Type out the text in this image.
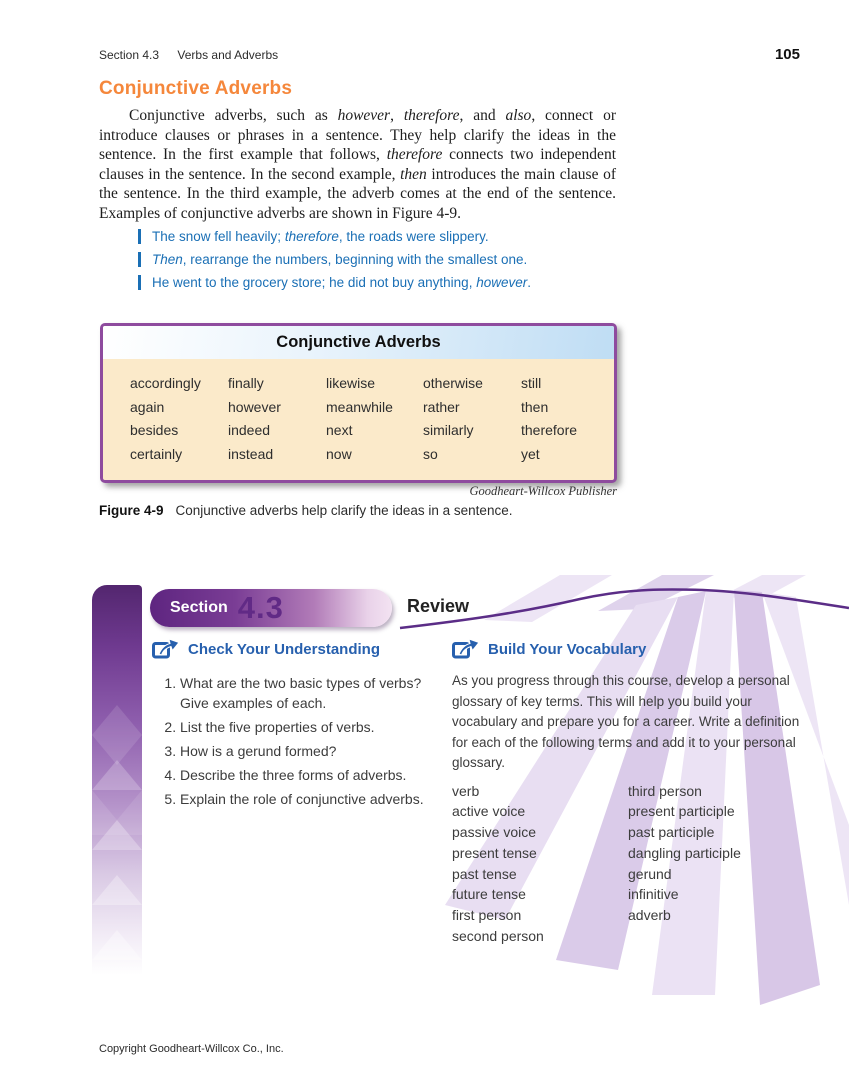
Section 4.3 Verbs and Adverbs	105
Conjunctive Adverbs

Conjunctive adverbs, such as however, therefore, and also, connect or introduce clauses or phrases in a sentence. They help clarify the ideas in the sentence. In the first example that follows, therefore connects two independent clauses in the sentence. In the second example, then introduces the main clause of the sentence. In the third example, the adverb comes at the end of the sentence. Examples of conjunctive adverbs are shown in Figure 4-9.

The snow fell heavily; therefore, the roads were slippery.
Then, rearrange the numbers, beginning with the smallest one.
He went to the grocery store; he did not buy anything, however.
Conjunctive Adverbs
accordingly	finally	likewise	otherwise	still
again	however	meanwhile	rather	then
besides	indeed	next	similarly	therefore
certainly	instead	now	so	yet
Goodheart-Willcox Publisher
Figure 4-9 Conjunctive adverbs help clarify the ideas in a sentence.
Section 4.3	Review
Check Your Understanding
1. What are the two basic types of verbs? Give examples of each.
2. List the five properties of verbs.
3. How is a gerund formed?
4. Describe the three forms of adverbs.
5. Explain the role of conjunctive adverbs.
Build Your Vocabulary

As you progress through this course, develop a personal glossary of key terms. This will help you build your vocabulary and prepare you for a career. Write a definition for each of the following terms and add it to your personal glossary.

verb
active voice
passive voice
present tense
past tense
future tense
first person
second person
third person
present participle
past participle
dangling participle
gerund
infinitive
adverb
Copyright Goodheart-Willcox Co., Inc.
